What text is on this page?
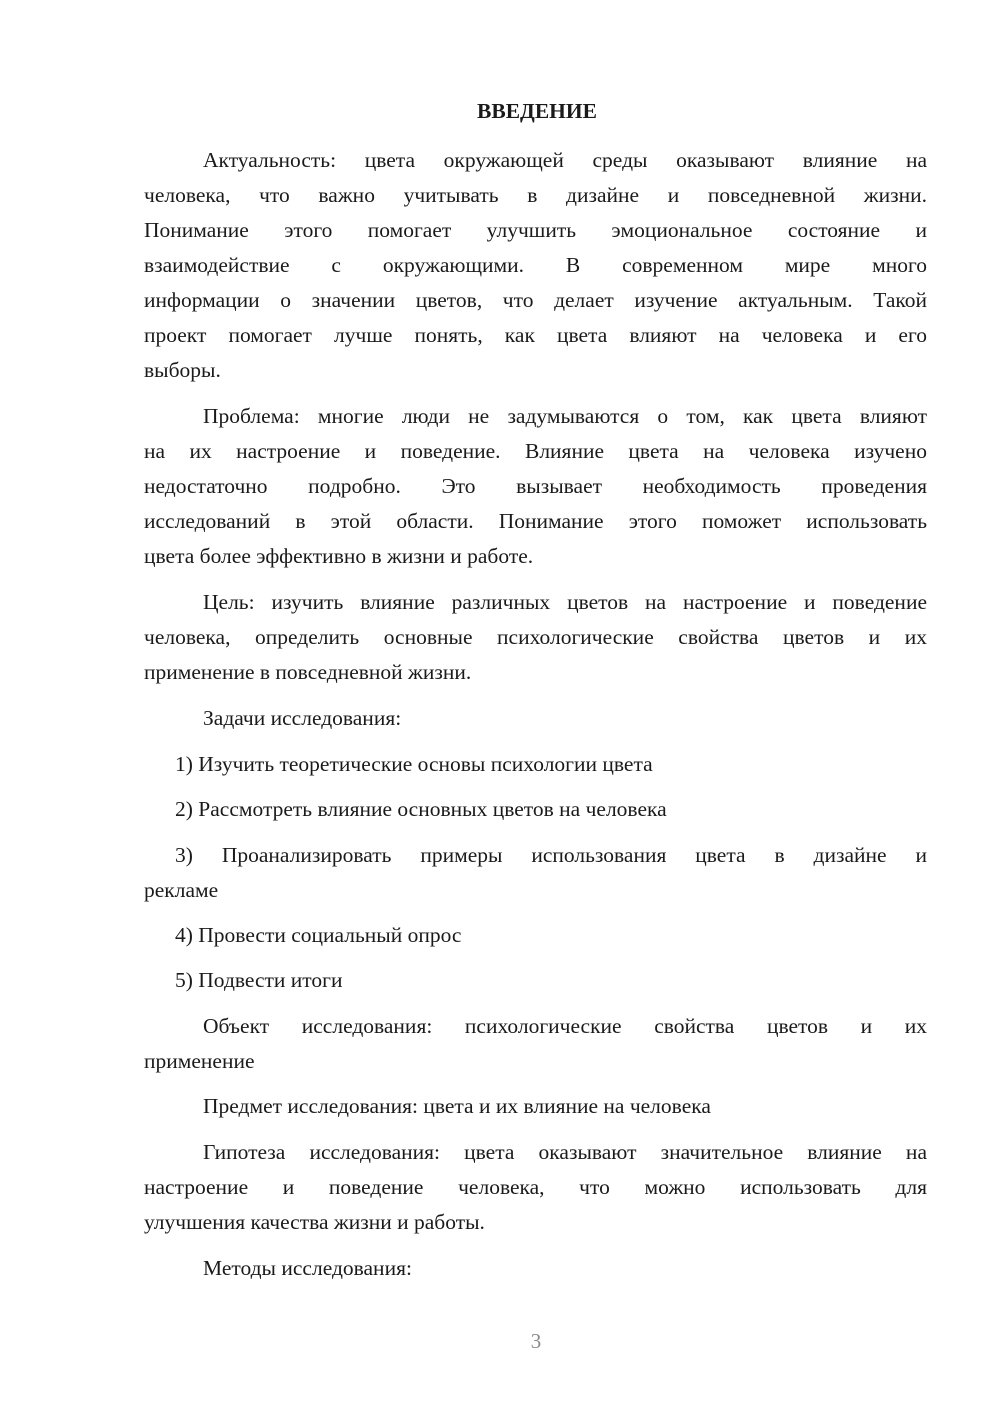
ВВЕДЕНИЕ
Актуальность: цвета окружающей среды оказывают влияние на
человека, что важно учитывать в дизайне и повседневной жизни.
Понимание этого помогает улучшить эмоциональное состояние и
взаимодействие с окружающими. В современном мире много
информации о значении цветов, что делает изучение актуальным. Такой
проект помогает лучше понять, как цвета влияют на человека и его
выборы.
Проблема: многие люди не задумываются о том, как цвета влияют
на их настроение и поведение. Влияние цвета на человека изучено
недостаточно подробно. Это вызывает необходимость проведения
исследований в этой области. Понимание этого поможет использовать
цвета более эффективно в жизни и работе.
Цель: изучить влияние различных цветов на настроение и поведение
человека, определить основные психологические свойства цветов и их
применение в повседневной жизни.
Задачи исследования:
1) Изучить теоретические основы психологии цвета
2) Рассмотреть влияние основных цветов на человека
3) Проанализировать примеры использования цвета в дизайне и
рекламе
4) Провести социальный опрос
5) Подвести итоги
Объект исследования: психологические свойства цветов и их
применение
Предмет исследования: цвета и их влияние на человека
Гипотеза исследования: цвета оказывают значительное влияние на
настроение и поведение человека, что можно использовать для
улучшения качества жизни и работы.
Методы исследования:
3
